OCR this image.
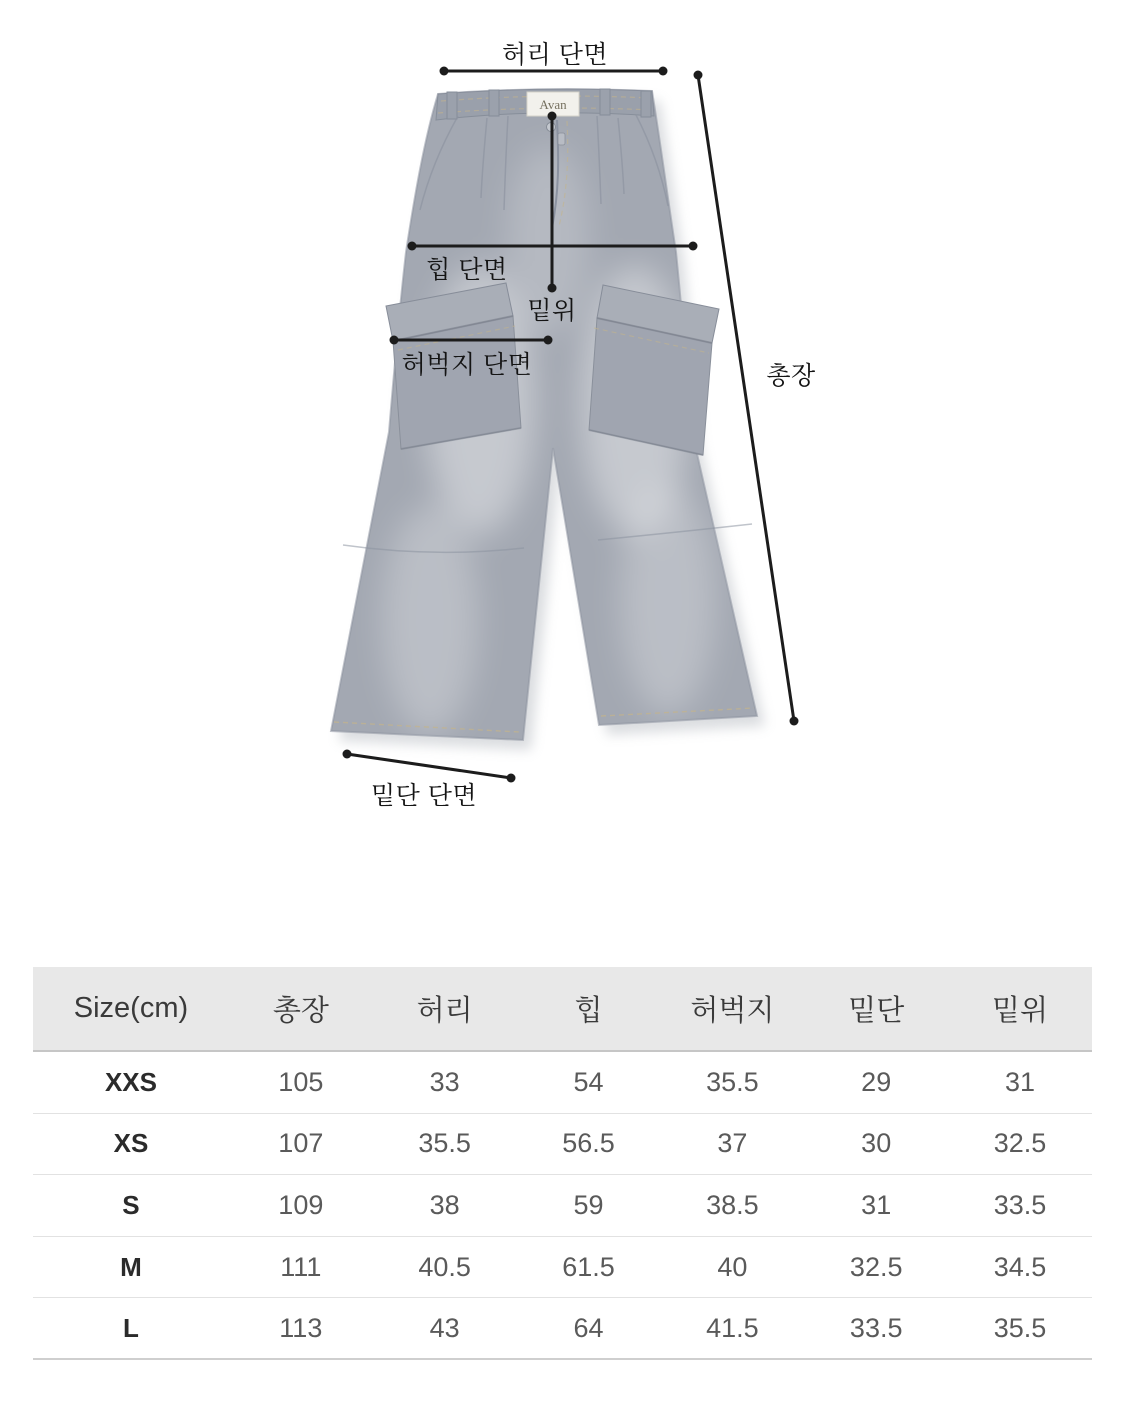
Avan
허리 단면
힙 단면
밑위
허벅지 단면	총장
밑단 단면
Size(cm)	총장	허리	힙	허벅지	밑단	밑위
XXS	105	33	54	35.5	29	31
XS	107	35.5	56.5	37	30	32.5
S	109	38	59	38.5	31	33.5
M	111	40.5	61.5	40	32.5	34.5
L	113	43	64	41.5	33.5	35.5
